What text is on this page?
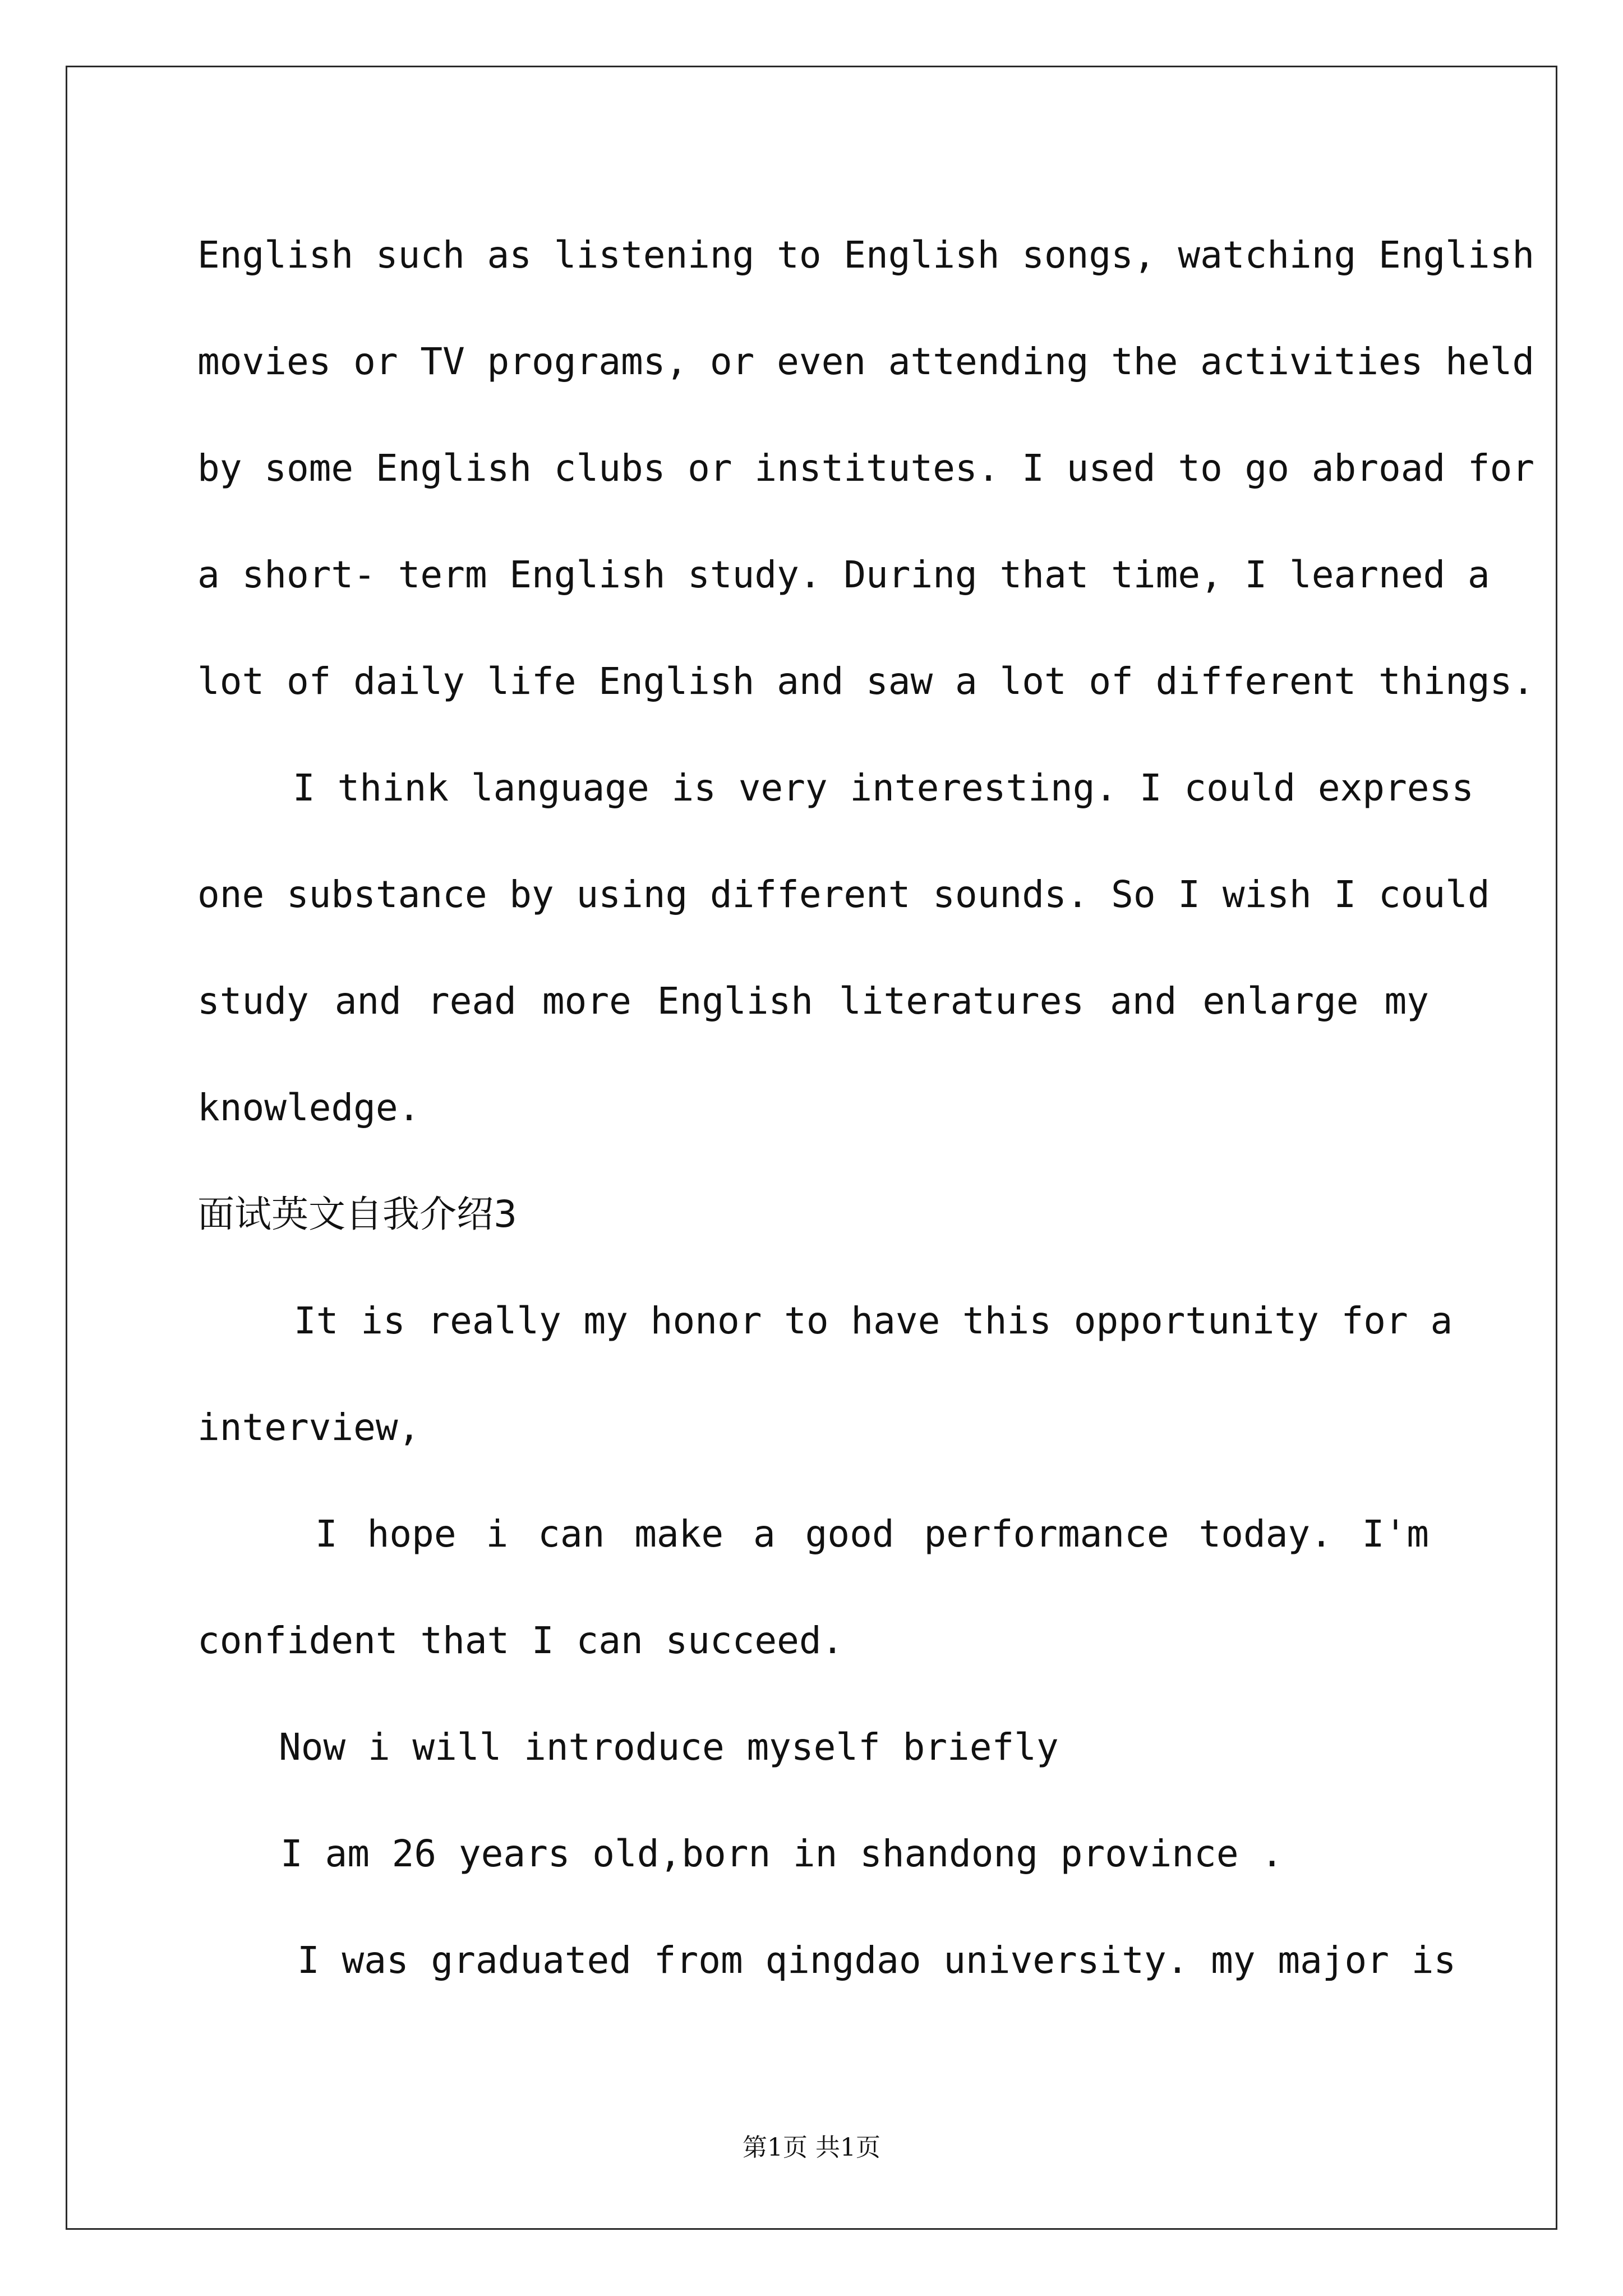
English such as listening to English songs, watching English
movies or TV programs, or even attending the activities held
by some English clubs or institutes. I used to go abroad for
a short- term English study. During that time, I learned a
lot of daily life English and saw a lot of different things.
I think language is very interesting. I could express
one substance by using different sounds. So I wish I could
study and read more English literatures and enlarge my
knowledge.
面试英文自我介绍3
It is really my honor to have this opportunity for a
interview,
I hope i can make a good performance today. I'm
confident that I can succeed.
Now i will introduce myself briefly
I am 26 years old,born in shandong province .
I was graduated from qingdao university. my major is
第1页 共1页
